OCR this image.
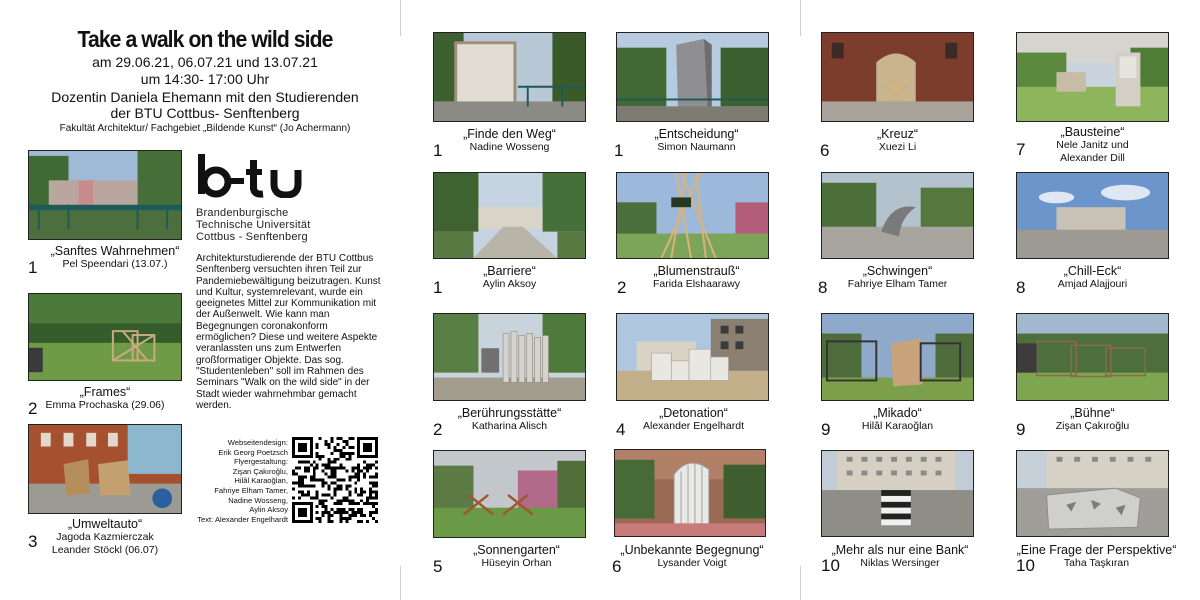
Take a walk on the wild side
am 29.06.21, 06.07.21 und 13.07.21
um 14:30- 17:00 Uhr
Dozentin Daniela Ehemann mit den Studierenden
der BTU Cottbus- Senftenberg
Fakultät Architektur/ Fachgebiet „Bildende Kunst“ (Jo Achermann)
Brandenburgische
Technische Universität
Cottbus - Senftenberg
Architekturstudierende der BTU Cottbus Senftenberg versuchten ihren Teil zur Pandemiebewältigung beizutragen. Kunst und Kultur, systemrelevant, wurde ein geeignetes Mittel zur Kommunikation mit der Außenwelt. Wie kann man Begegnungen coronakonform ermöglichen? Diese und weitere Aspekte veranlassten uns zum Entwerfen großformatiger Objekte. Das sog. "Studentenleben" soll im Rahmen des Seminars "Walk on the wild side" in der Stadt wieder wahrnehmbar gemacht werden.
Webseitendesign:
Erik Georg Poetzsch
Flyergestaltung:
Zişan Çakıroğlu,
Hilâl Karaoğlan,
Fahriye Elham Tamer,
Nadine Wosseng,
Aylin Aksoy
Text: Alexander Engelhardt
1
„Sanftes Wahrnehmen“
Pel Speendari (13.07.)
2
„Frames“
Emma Prochaska (29.06)
3
„Umweltauto“
Jagoda Kazmierczak
Leander Stöckl (06.07)
1
„Finde den Weg“
Nadine Wosseng	1
„Entscheidung“
Simon Naumann
1
„Barriere“
Aylin Aksoy	2
„Blumenstrauß“
Farida Elshaarawy
2
„Berührungsstätte“
Katharina Alisch	4
„Detonation“
Alexander Engelhardt
5
„Sonnengarten“
Hüseyin Orhan	6
„Unbekannte Begegnung“
Lysander Voigt
6
„Kreuz“
Xuezi Li	7
„Bausteine“
Nele Janitz und
Alexander Dill
8
„Schwingen“
Fahriye Elham Tamer	8
„Chill-Eck“
Amjad Alajjouri
9
„Mikado“
Hilâl Karaoğlan	9
„Bühne“
Zişan Çakıroğlu
10
„Mehr als nur eine Bank“
Niklas Wersinger	10
„Eine Frage der Perspektive“
Taha Taşkıran
